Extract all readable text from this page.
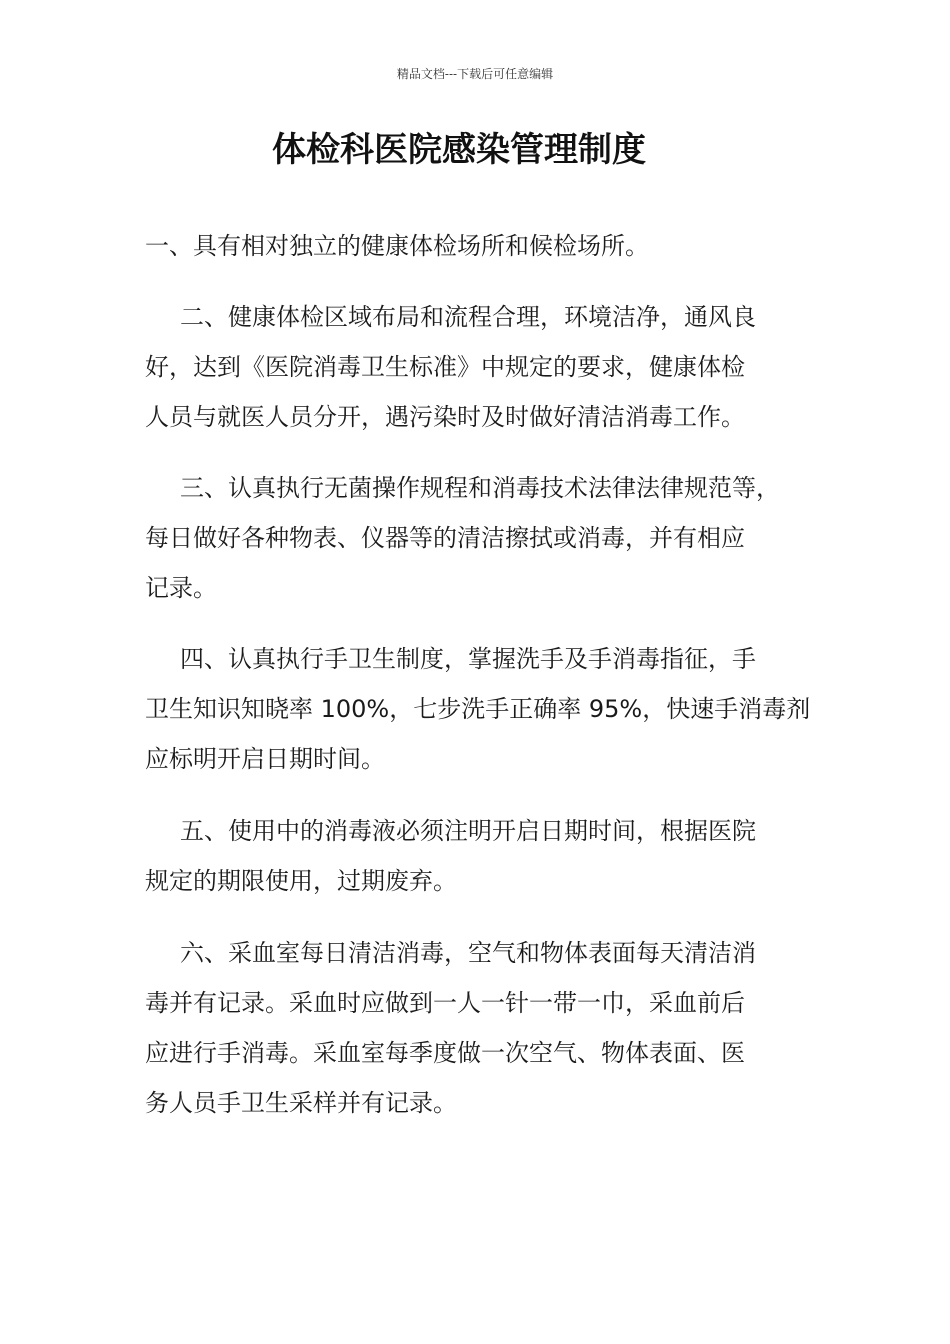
精品文档---下载后可任意编辑
体检科医院感染管理制度
一、具有相对独立的健康体检场所和候检场所。
二、健康体检区域布局和流程合理，环境洁净，通风良
好，达到《医院消毒卫生标准》中规定的要求，健康体检
人员与就医人员分开，遇污染时及时做好清洁消毒工作。
三、认真执行无菌操作规程和消毒技术法律法律规范等，
每日做好各种物表、仪器等的清洁擦拭或消毒，并有相应
记录。
四、认真执行手卫生制度，掌握洗手及手消毒指征，手
卫生知识知晓率 100%，七步洗手正确率 95%，快速手消毒剂
应标明开启日期时间。
五、使用中的消毒液必须注明开启日期时间，根据医院
规定的期限使用，过期废弃。
六、采血室每日清洁消毒，空气和物体表面每天清洁消
毒并有记录。采血时应做到一人一针一带一巾，采血前后
应进行手消毒。采血室每季度做一次空气、物体表面、医
务人员手卫生采样并有记录。
